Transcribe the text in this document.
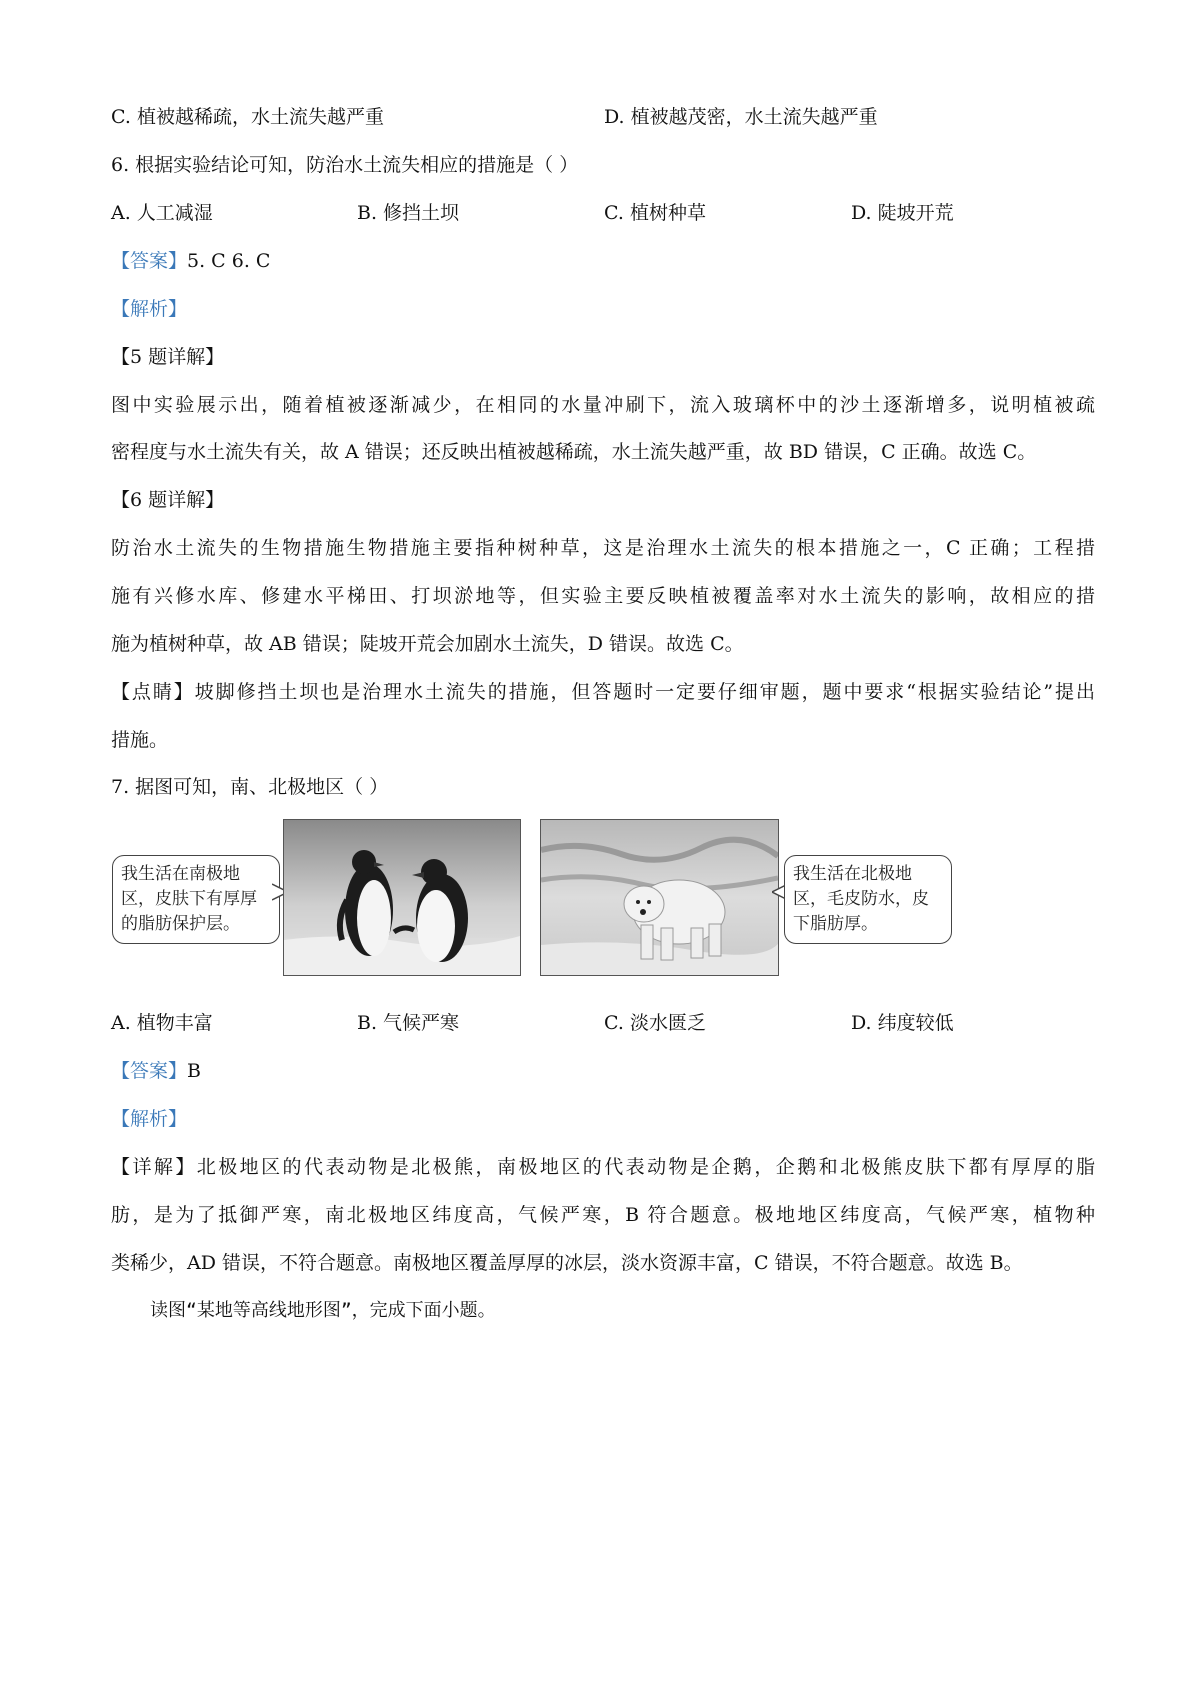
C. 植被越稀疏，水土流失越严重	D. 植被越茂密，水土流失越严重
6. 根据实验结论可知，防治水土流失相应的措施是（ ）
A. 人工减湿	B. 修挡土坝	C. 植树种草	D. 陡坡开荒
【答案】5. C 6. C
【解析】
【5 题详解】
图中实验展示出，随着植被逐渐减少，在相同的水量冲刷下，流入玻璃杯中的沙土逐渐增多，说明植被疏
密程度与水土流失有关，故 A 错误；还反映出植被越稀疏，水土流失越严重，故 BD 错误，C 正确。故选 C。
【6 题详解】
防治水土流失的生物措施生物措施主要指种树种草，这是治理水土流失的根本措施之一，C 正确；工程措
施有兴修水库、修建水平梯田、打坝淤地等，但实验主要反映植被覆盖率对水土流失的影响，故相应的措
施为植树种草，故 AB 错误；陡坡开荒会加剧水土流失，D 错误。故选 C。
【点睛】坡脚修挡土坝也是治理水土流失的措施，但答题时一定要仔细审题，题中要求“根据实验结论”提出
措施。
7. 据图可知，南、北极地区（ ）
我生活在南极地
区，皮肤下有厚厚
的脂肪保护层。
我生活在北极地
区，毛皮防水，皮
下脂肪厚。
A. 植物丰富	B. 气候严寒	C. 淡水匮乏	D. 纬度较低
【答案】B
【解析】
【详解】北极地区的代表动物是北极熊，南极地区的代表动物是企鹅，企鹅和北极熊皮肤下都有厚厚的脂
肪，是为了抵御严寒，南北极地区纬度高，气候严寒，B 符合题意。极地地区纬度高，气候严寒，植物种
类稀少，AD 错误，不符合题意。南极地区覆盖厚厚的冰层，淡水资源丰富，C 错误，不符合题意。故选 B。
读图“某地等高线地形图”，完成下面小题。
